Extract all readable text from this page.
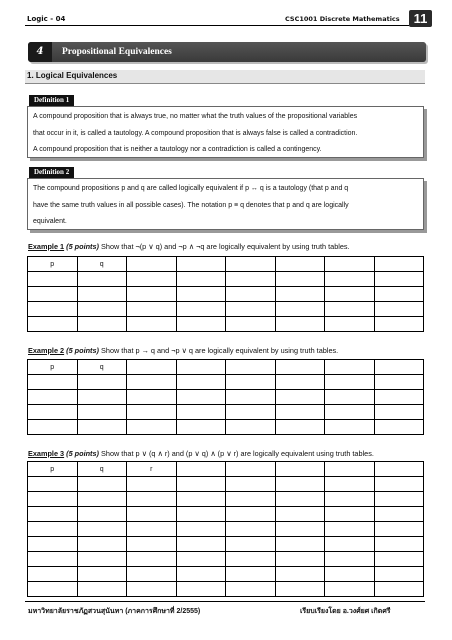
Logic - 04	CSC1001 Discrete Mathematics	11
4	Propositional Equivalences
1. Logical Equivalences
Definition 1

A compound proposition that is always true, no matter what the truth values of the propositional variables

that occur in it, is called a tautology. A compound proposition that is always false is called a contradiction.

A compound proposition that is neither a tautology nor a contradiction is called a contingency.

Definition 2

The compound propositions p and q are called logically equivalent if p ↔ q is a tautology (that p and q

have the same truth values in all possible cases). The notation p ≡ q denotes that p and q are logically

equivalent.

Example 1 (5 points) Show that ¬(p ∨ q) and ¬p ∧ ¬q are logically equivalent by using truth tables.
p	q						

Example 2 (5 points) Show that p → q and ¬p ∨ q are logically equivalent by using truth tables.
p	q						

Example 3 (5 points) Show that p ∨ (q ∧ r) and (p ∨ q) ∧ (p ∨ r) are logically equivalent using truth tables.
p	q	r					

มหาวิทยาลัยราชภัฏสวนสุนันทา (ภาคการศึกษาที่ 2/2555)	เรียบเรียงโดย อ.วงศ์ยศ เกิดศรี
